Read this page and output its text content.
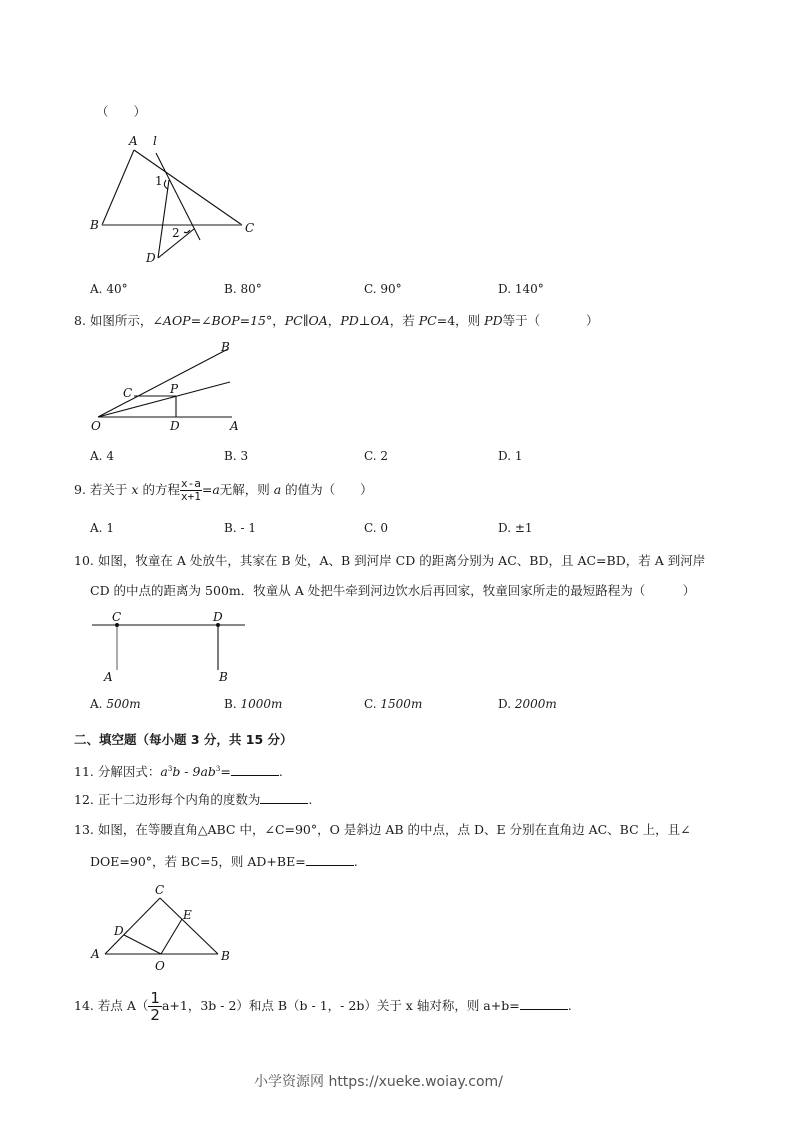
（　　）
A l
1
B	C
2
D
A. 40°	B. 80°	C. 90°	D. 140°
8. 如图所示，∠AOP=∠BOP=15°，PC∥OA，PD⊥OA，若 PC=4，则 PD等于（	）
B
C	P
O	D	A
A. 4	B. 3	C. 2	D. 1
9. 若关于 x 的方程 $\frac{x-a}{x+1} =a$无解，则 a 的值为（　　）
A. 1	B. - 1	C. 0	D. ±1
10. 如图，牧童在 A 处放牛，其家在 B 处，A、B 到河岸 CD 的距离分别为 AC、BD，且 AC=BD，若 A 到河岸
CD 的中点的距离为 500m．牧童从 A 处把牛牵到河边饮水后再回家，牧童回家所走的最短路程为（　　　）
C	D
A	B
A. 500m	B. 1000m	C. 1500m	D. 2000m
二、填空题（每小题 3 分，共 15 分）
11. 分解因式：$a^3b - 9ab^3=$	.
12. 正十二边形每个内角的度数为	.
13. 如图，在等腰直角△ABC 中，∠C=90°，O 是斜边 AB 的中点，点 D、E 分别在直角边 AC、BC 上，且∠
DOE=90°，若 BC=5，则 AD+BE=	.
C
D
E
A
O
B
14. 若点 $A( \frac{1}{2} a+1$，3b - 2）和点 B（b - 1，- 2b）关于 x 轴对称，则 a+b=	.
小学资源网 https://xueke.woiay.com/
